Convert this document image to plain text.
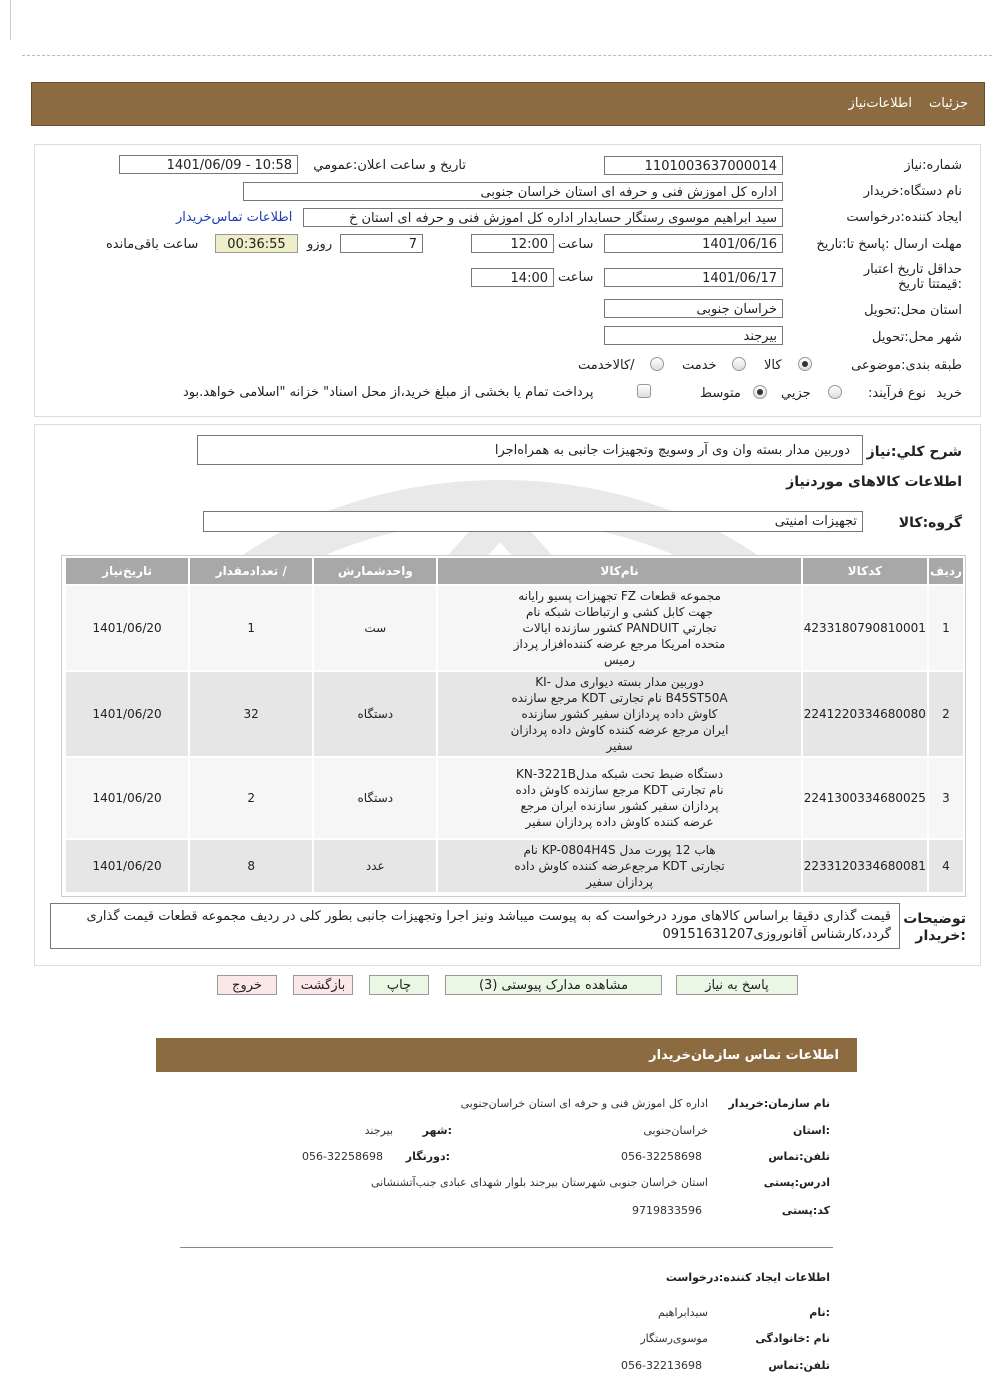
جزئیات
اطلاعات‌نیاز
شماره:نیاز
1101003637000014
تاریخ و ساعت اعلان:عمومي
1401/06/09 - 10:58
نام دستگاه:خریدار
اداره کل اموزش فنی و حرفه ای استان خراسان جنوبی
ایجاد کننده:درخواست
سید ابراهیم موسوی رستگار حسابدار اداره کل اموزش فنی و حرفه ای استان خ
اطلاعات تماس‌خریدار
مهلت ارسال :پاسخ تا:تاریخ
1401/06/16
ساعت
12:00
7
روزو
00:36:55
ساعت باقی‌مانده
حداقل تاریخ اعتبار :قیمتتا تاریخ
1401/06/17
ساعت
14:00
استان محل:تحویل
خراسان جنوبی
شهر محل:تحویل
بیرجند
طبقه بندی:موضوعی
کالا
خدمت
/کالاخدمت
نوع فرآیند: خرید
جزيي
متوسط
پرداخت تمام یا بخشی از مبلغ خرید،از محل اسناد" خزانه "اسلامی خواهد.بود
شرح کلي:نیاز
دوربین مدار بسته وان وی آر وسویچ وتجهیزات جانبی به همراه‌اجرا
اطلاعات کالاهای موردنیاز
گروه:کالا
تجهیزات امنیتی
ردیف	کدکالا	نام‌کالا	واحدشمارش	/ تعدادمقدار	تاریخ‌نیاز
1	4233180790810001	مجموعه قطعات FZ تجهیزات پسیو رایانه جهت کابل کشی و ارتباطات شبکه نام تجارتي PANDUIT کشور سازنده ایالات متحده امریکا مرجع عرضه کننده‌افزار پرداز رمیس	ست	1	1401/06/20
2	2241220334680080	دوربین مدار بسته دیواری مدل KI-B45ST50A نام تجارتی KDT مرجع سازنده کاوش داده پردازان سفیر کشور سازنده ایران مرجع عرضه کننده کاوش داده پردازان سفیر	دستگاه	32	1401/06/20
3	2241300334680025	دستگاه ضبط تحت شبکه مدلKN-3221B نام تجارتی KDT مرجع سازنده کاوش داده پردازان سفیر کشور سازنده ایران مرجع عرضه کننده کاوش داده پردازان سفیر	دستگاه	2	1401/06/20
4	2233120334680081	هاب 12 پورت مدل KP-0804H4S نام تجارتی KDT مرجع‌عرضه کننده کاوش داده پردازان سفیر	عدد	8	1401/06/20
توضیحات :خریدار
قیمت گذاری دقیقا براساس کالاهای مورد درخواست که به پیوست میباشد ونیز اجرا وتجهیزات جانبی بطور کلی در ردیف مجموعه قطعات قیمت گذاری گردد،کارشناس آقانوروزی09151631207
پاسخ به نیاز
مشاهده مدارک پیوستی (3)
چاپ
بازگشت
خروج
اطلاعات تماس سازمان‌خریدار
نام سازمان:خریدار
اداره کل اموزش فنی و حرفه ای استان خراسان‌جنوبی
:استان
خراسان‌جنوبی
:شهر
بیرجند
تلفن:تماس
056-32258698
:دورنگار
056-32258698
ادرس:پستی
استان خراسان جنوبی شهرستان بیرجند بلوار شهدای عبادی جنب‌آتشنشانی
کد:پستی
9719833596
اطلاعات ایجاد کننده:درخواست
:نام
سیدابراهیم
نام :خانوادگی
موسوی‌رستگار
تلفن:تماس
056-32213698
